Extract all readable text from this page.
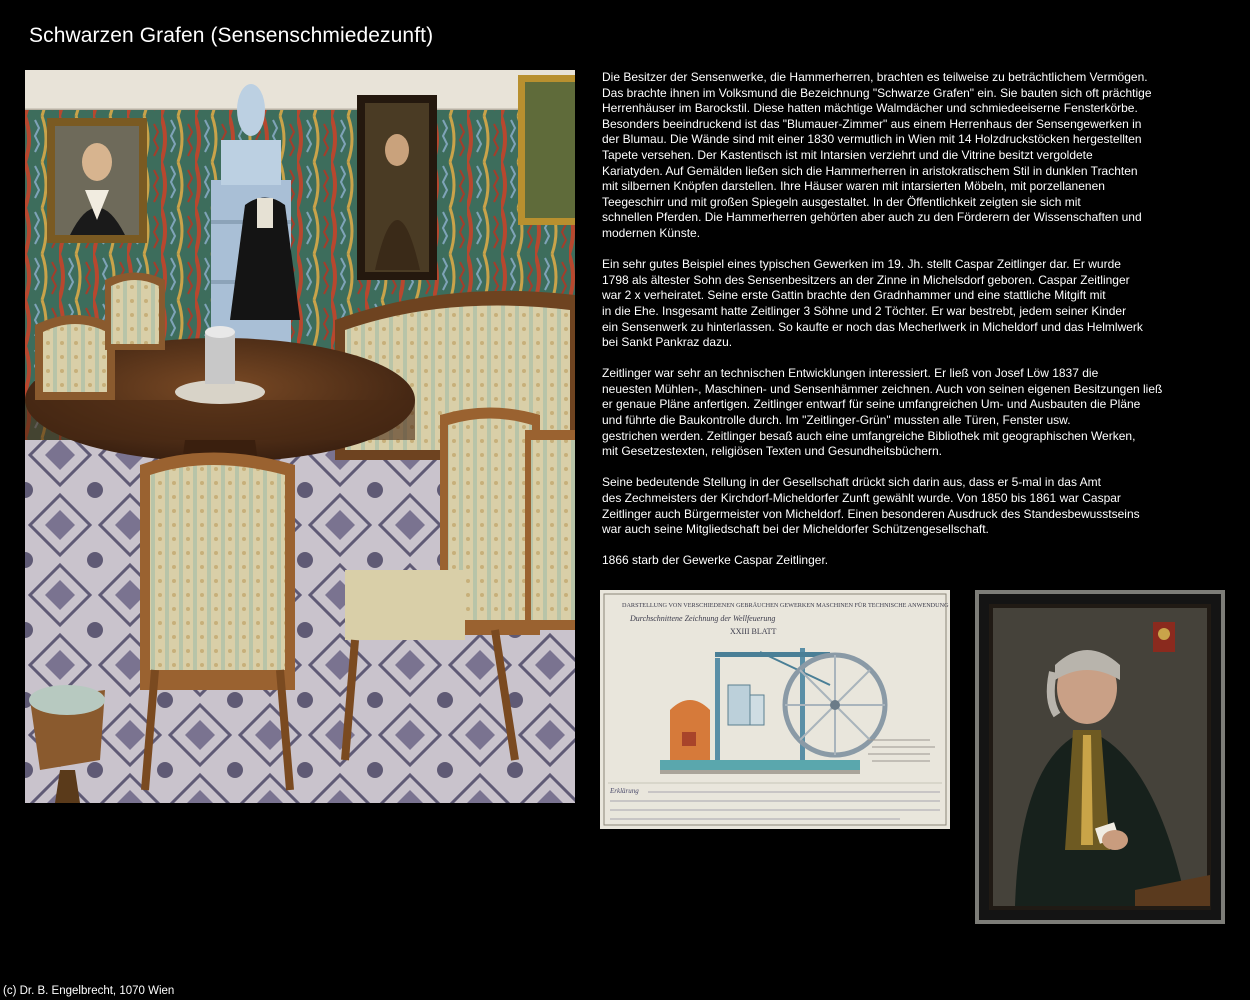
Schwarzen Grafen (Sensenschmiedezunft)

Die Besitzer der Sensenwerke, die Hammerherren, brachten es teilweise zu beträchtlichem Vermögen.
Das brachte ihnen im Volksmund die Bezeichnung "Schwarze Grafen" ein. Sie bauten sich oft prächtige
Herrenhäuser im Barockstil. Diese hatten mächtige Walmdächer und schmiedeeiserne Fensterkörbe.
Besonders beeindruckend ist das "Blumauer-Zimmer" aus einem Herrenhaus der Sensengewerken in
der Blumau. Die Wände sind mit einer 1830 vermutlich in Wien mit 14 Holzdruckstöcken hergestellten
Tapete versehen. Der Kastentisch ist mit Intarsien verziehrt und die Vitrine besitzt vergoldete
Kariatyden. Auf Gemälden ließen sich die Hammerherren in aristokratischem Stil in dunklen Trachten
mit silbernen Knöpfen darstellen. Ihre Häuser waren mit intarsierten Möbeln, mit porzellanenen
Teegeschirr und mit großen Spiegeln ausgestaltet. In der Öffentlichkeit zeigten sie sich mit
schnellen Pferden. Die Hammerherren gehörten aber auch zu den Förderern der Wissenschaften und
modernen Künste.

Ein sehr gutes Beispiel eines typischen Gewerken im 19. Jh. stellt Caspar Zeitlinger dar. Er wurde
1798 als ältester Sohn des Sensenbesitzers an der Zinne in Michelsdorf geboren. Caspar Zeitlinger
war 2 x verheiratet. Seine erste Gattin brachte den Gradnhammer und eine stattliche Mitgift mit
in die Ehe. Insgesamt hatte Zeitlinger 3 Söhne und 2 Töchter. Er war bestrebt, jedem seiner Kinder
ein Sensenwerk zu hinterlassen. So kaufte er noch das Mecherlwerk in Micheldorf und das Helmlwerk
bei Sankt Pankraz dazu.

Zeitlinger war sehr an technischen Entwicklungen interessiert. Er ließ von Josef Löw 1837 die
neuesten Mühlen-, Maschinen- und Sensenhämmer zeichnen. Auch von seinen eigenen Besitzungen ließ
er genaue Pläne anfertigen. Zeitlinger entwarf für seine umfangreichen Um- und Ausbauten die Pläne
und führte die Baukontrolle durch. Im "Zeitlinger-Grün" mussten alle Türen, Fenster usw.
gestrichen werden. Zeitlinger besaß auch eine umfangreiche Bibliothek mit geographischen Werken,
mit Gesetzestexten, religiösen Texten und Gesundheitsbüchern.

Seine bedeutende Stellung in der Gesellschaft drückt sich darin aus, dass er 5-mal in das Amt
des Zechmeisters der Kirchdorf-Micheldorfer Zunft gewählt wurde. Von 1850 bis 1861 war Caspar
Zeitlinger auch Bürgermeister von Micheldorf. Einen besonderen Ausdruck des Standesbewusstseins
war auch seine Mitgliedschaft bei der Micheldorfer Schützengesellschaft.

1866 starb der Gewerke Caspar Zeitlinger.

DARSTELLUNG VON VERSCHIEDENEN GEBRÄUCHEN GEWERKEN MASCHINEN FÜR TECHNISCHE ANWENDUNG
Durchschnittene Zeichnung der Wellfeuerung
XXIII BLATT
Erklärung
(c) Dr. B. Engelbrecht, 1070 Wien
